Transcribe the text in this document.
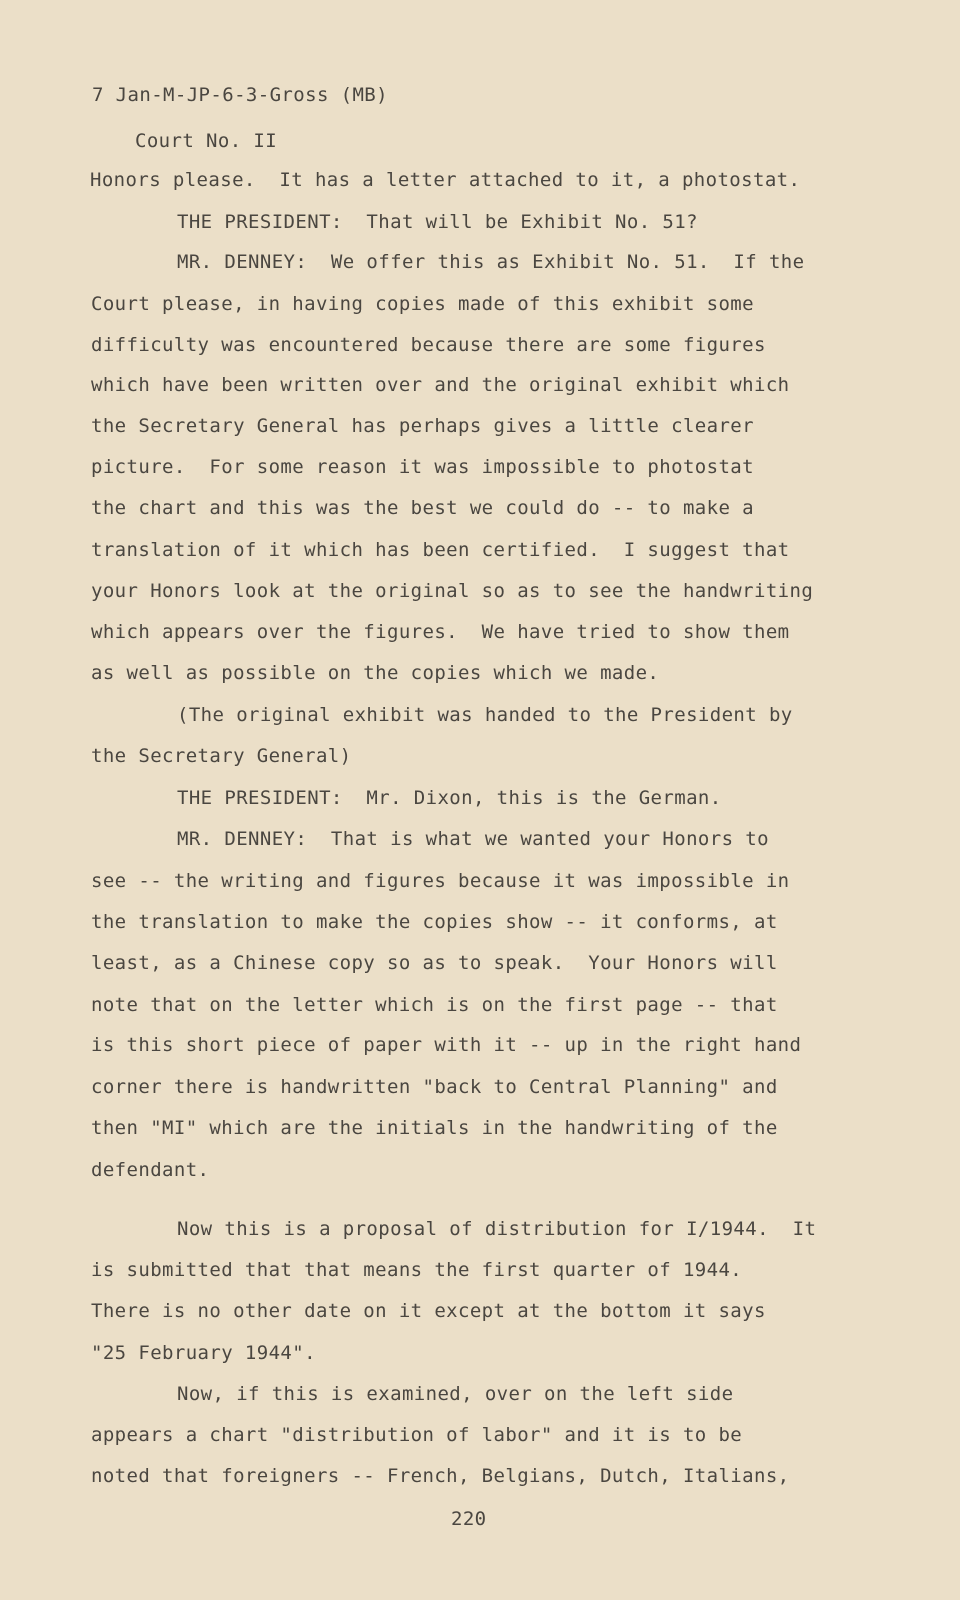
7 Jan-M-JP-6-3-Gross (MB)
Court No. II
Honors please.  It has a letter attached to it, a photostat.
THE PRESIDENT:  That will be Exhibit No. 51?
MR. DENNEY:  We offer this as Exhibit No. 51.  If the
Court please, in having copies made of this exhibit some
difficulty was encountered because there are some figures
which have been written over and the original exhibit which
the Secretary General has perhaps gives a little clearer
picture.  For some reason it was impossible to photostat
the chart and this was the best we could do -- to make a
translation of it which has been certified.  I suggest that
your Honors look at the original so as to see the handwriting
which appears over the figures.  We have tried to show them
as well as possible on the copies which we made.
(The original exhibit was handed to the President by
the Secretary General)
THE PRESIDENT:  Mr. Dixon, this is the German.
MR. DENNEY:  That is what we wanted your Honors to
see -- the writing and figures because it was impossible in
the translation to make the copies show -- it conforms, at
least, as a Chinese copy so as to speak.  Your Honors will
note that on the letter which is on the first page -- that
is this short piece of paper with it -- up in the right hand
corner there is handwritten "back to Central Planning" and
then "MI" which are the initials in the handwriting of the
defendant.
Now this is a proposal of distribution for I/1944.  It
is submitted that that means the first quarter of 1944.
There is no other date on it except at the bottom it says
"25 February 1944".
Now, if this is examined, over on the left side
appears a chart "distribution of labor" and it is to be
noted that foreigners -- French, Belgians, Dutch, Italians,
220
